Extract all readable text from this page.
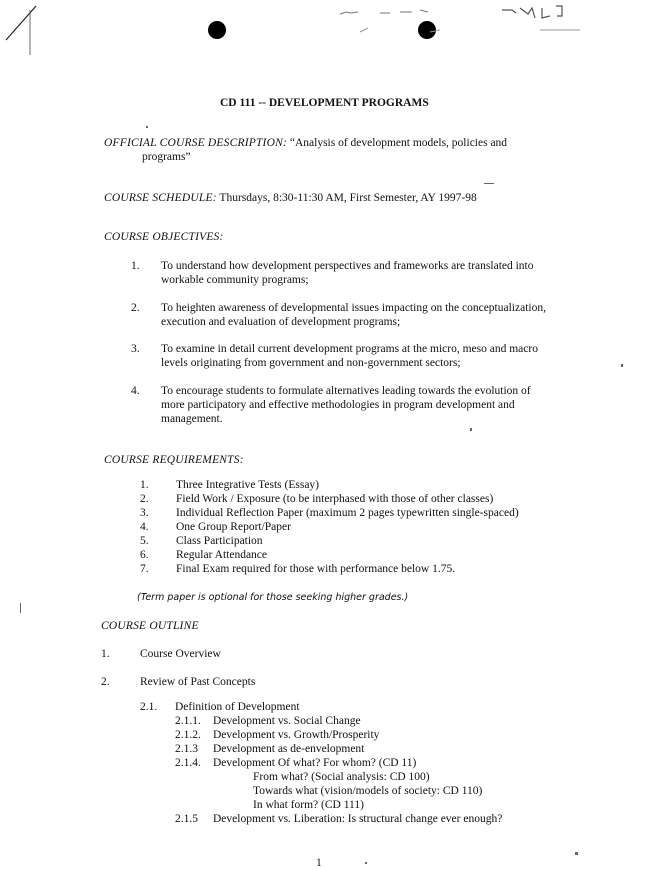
CD 111 -- DEVELOPMENT PROGRAMS
OFFICIAL COURSE DESCRIPTION: “Analysis of development models, policies and
programs”
COURSE SCHEDULE: Thursdays, 8:30-11:30 AM, First Semester, AY 1997-98
COURSE OBJECTIVES:
1. To understand how development perspectives and frameworks are translated into
workable community programs;
2. To heighten awareness of developmental issues impacting on the conceptualization,
execution and evaluation of development programs;
3. To examine in detail current development programs at the micro, meso and macro
levels originating from government and non-government sectors;
4. To encourage students to formulate alternatives leading towards the evolution of
more participatory and effective methodologies in program development and
management.
COURSE REQUIREMENTS:
1. Three Integrative Tests (Essay)
2. Field Work / Exposure (to be interphased with those of other classes)
3. Individual Reflection Paper (maximum 2 pages typewritten single-spaced)
4. One Group Report/Paper
5. Class Participation
6. Regular Attendance
7. Final Exam required for those with performance below 1.75.
(Term paper is optional for those seeking higher grades.)
COURSE OUTLINE
1.	Course Overview
2.	Review of Past Concepts
2.1. Definition of Development
2.1.1. Development vs. Social Change
2.1.2. Development vs. Growth/Prosperity
2.1.3 Development as de-envelopment
2.1.4. Development Of what? For whom? (CD 11)
From what? (Social analysis: CD 100)
Towards what (vision/models of society: CD 110)
In what form? (CD 111)
2.1.5 Development vs. Liberation: Is structural change ever enough?
1
